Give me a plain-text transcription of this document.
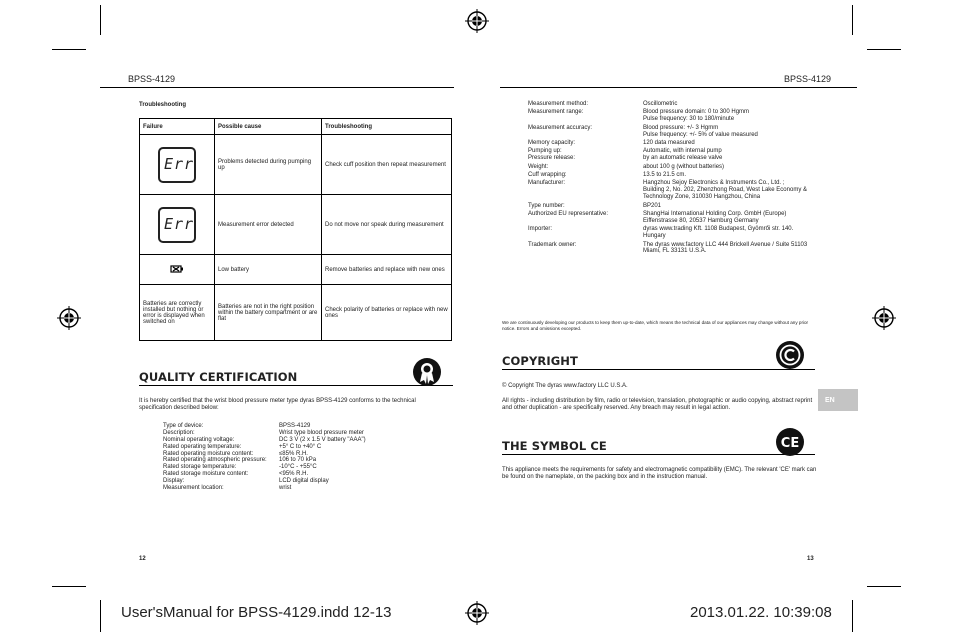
BPSS-4129	BPSS-4129
Troubleshooting
Failure	Possible cause	Troubleshooting

Err	Problems detected during pumping up	Check cuff position then repeat measurement

Err	Measurement error detected	Do not move nor speak during measurement
	Low battery	Remove batteries and replace with new ones
Batteries are correctly installed but nothing or error is displayed when switched on	Batteries are not in the right position within the battery compartment or are flat	Check polarity of batteries or replace with new ones
QUALITY CERTIFICATION
It is hereby certified that the wrist blood pressure meter type dyras BPSS-4129 conforms to the technical specification described below:
Type of device:	BPSS-4129
Description:	Wrist type blood pressure meter
Nominal operating voltage:	DC 3 V (2 x 1.5 V battery "AAA")
Rated operating temperature:	+5° C to +40° C
Rated operating moisture content:	≤85% R.H.
Rated operating atmospheric pressure:	106 to 70 kPa
Rated storage temperature:	-10°C - +55°C
Rated storage moisture content:	<95% R.H.
Display:	LCD digital display
Measurement location:	wrist
12
Measurement method:	Oscillometric
Measurement range:	Blood pressure domain: 0 to 300 Hgmm
Pulse frequency: 30 to 180/minute
Measurement accuracy:	Blood pressure: +/- 3 Hgmm
Pulse frequency: +/- 5% of value measured
Memory capacity:	120 data measured
Pumping up:	Automatic, with internal pump
Pressure release:	by an automatic release valve
Weight:	about 100 g (without batteries)
Cuff wrapping:	13.5 to 21.5 cm.
Manufacturer:	Hangzhou Sejoy Electronics & Instruments Co., Ltd. ;
Building 2, No. 202, Zhenzhong Road, West Lake Economy &
Technology Zone, 310030 Hangzhou, China
Type number:	BP201
Authorized EU representative:	ShangHai International Holding Corp. GmbH (Europe)
Eiffenstrasse 80, 20537 Hamburg Germany
Importer:	dyras www.trading Kft. 1108 Budapest, Gyömrői str. 140.
Hungary
Trademark owner:	The dyras www.factory LLC 444 Brickell Avenue / Suite 51103
Miami, FL 33131 U.S.A.
We are continuously developing our products to keep them up-to-date, which means the technical data of our appliances may change without any prior notice. Errors and omissions excepted.
COPYRIGHT
© Copyright The dyras www.factory LLC U.S.A.
All rights - including distribution by film, radio or television, translation, photographic or audio copying, abstract reprint and other duplication - are specifically reserved. Any breach may result in legal action.
EN
THE SYMBOL CE	CE
This appliance meets the requirements for safety and electromagnetic compatibility (EMC). The relevant 'CE' mark can be found on the nameplate, on the packing box and in the instruction manual.
13
User'sManual for BPSS-4129.indd 12-13	2013.01.22. 10:39:08
